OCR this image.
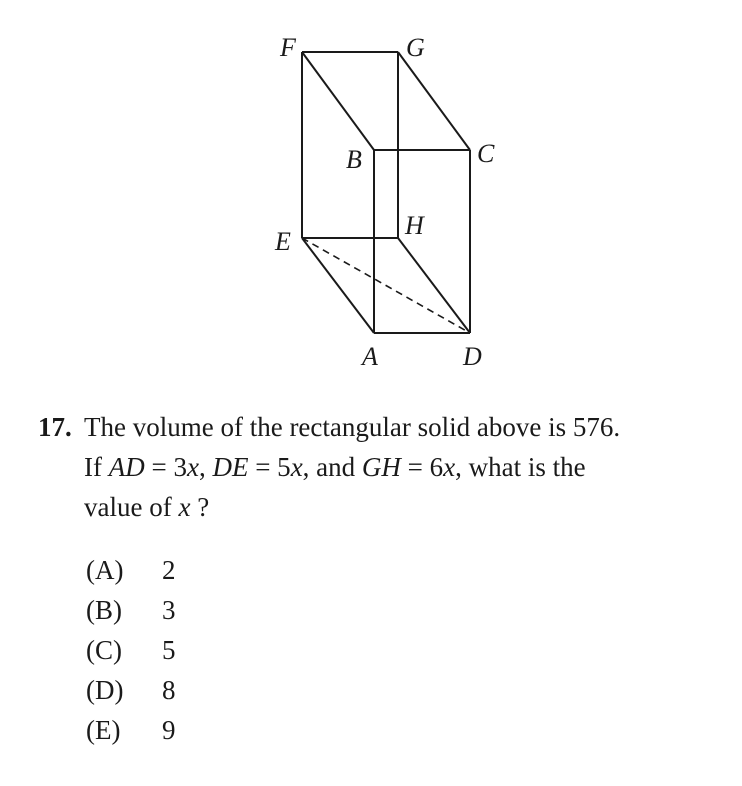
F	G
B	C
E
H
A	D
17. The volume of the rectangular solid above is 576.
If AD = 3x, DE = 5x, and GH = 6x, what is the
value of x ?
(A) 2
(B) 3
(C) 5
(D) 8
(E) 9
